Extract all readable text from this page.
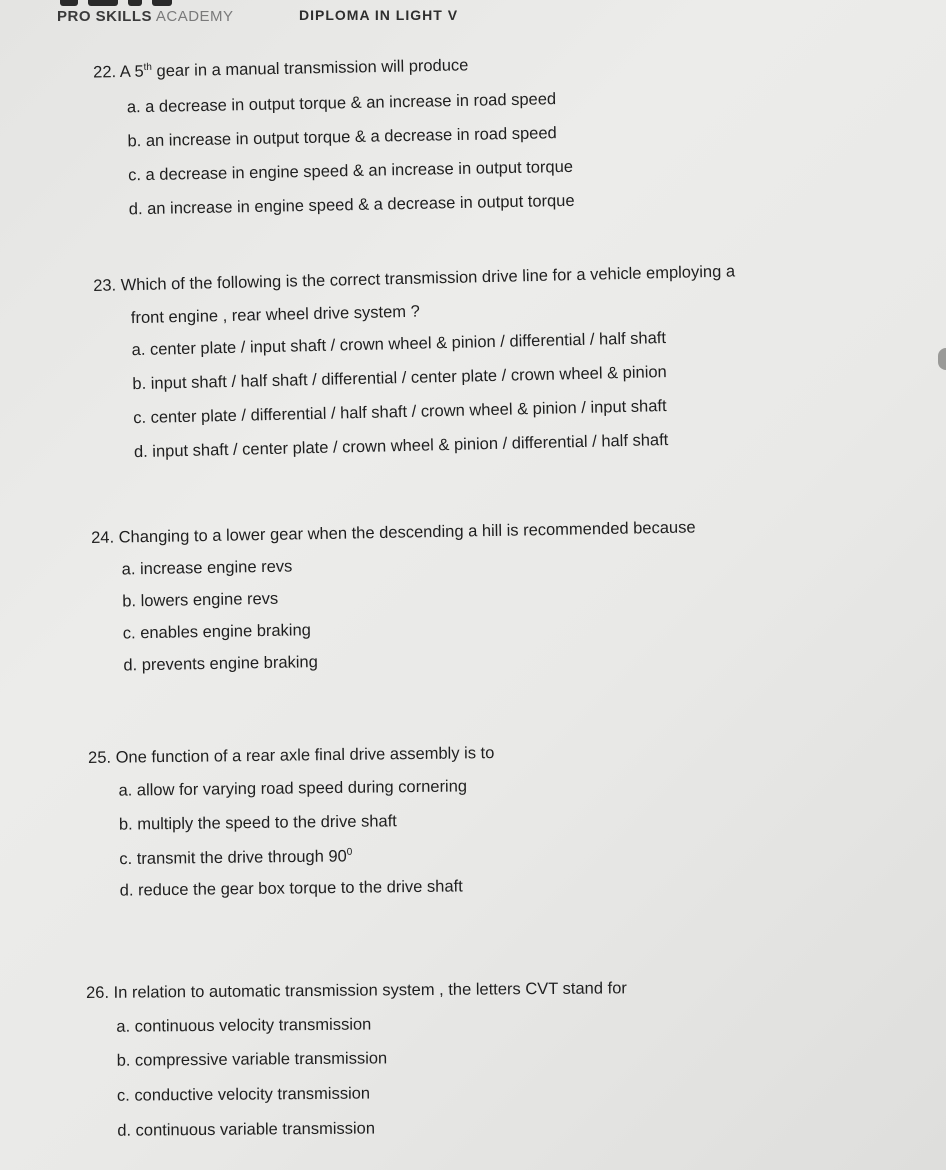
PRO SKILLS ACADEMY	DIPLOMA IN LIGHT V
22. A 5th gear in a manual transmission will produce
a. a decrease in output torque & an increase in road speed
b. an increase in output torque & a decrease in road speed
c. a decrease in engine speed & an increase in output torque
d. an increase in engine speed & a decrease in output torque
23. Which of the following is the correct transmission drive line for a vehicle employing a
front engine , rear wheel drive system ?
a. center plate / input shaft / crown wheel & pinion / differential / half shaft
b. input shaft / half shaft / differential / center plate / crown wheel & pinion
c. center plate / differential / half shaft / crown wheel & pinion / input shaft
d. input shaft / center plate / crown wheel & pinion / differential / half shaft
24. Changing to a lower gear when the descending a hill is recommended because
a. increase engine revs
b. lowers engine revs
c. enables engine braking
d. prevents engine braking
25. One function of a rear axle final drive assembly is to
a. allow for varying road speed during cornering
b. multiply the speed to the drive shaft
c. transmit the drive through $90^0$
d. reduce the gear box torque to the drive shaft
26. In relation to automatic transmission system , the letters CVT stand for
a. continuous velocity transmission
b. compressive variable transmission
c. conductive velocity transmission
d. continuous variable transmission
